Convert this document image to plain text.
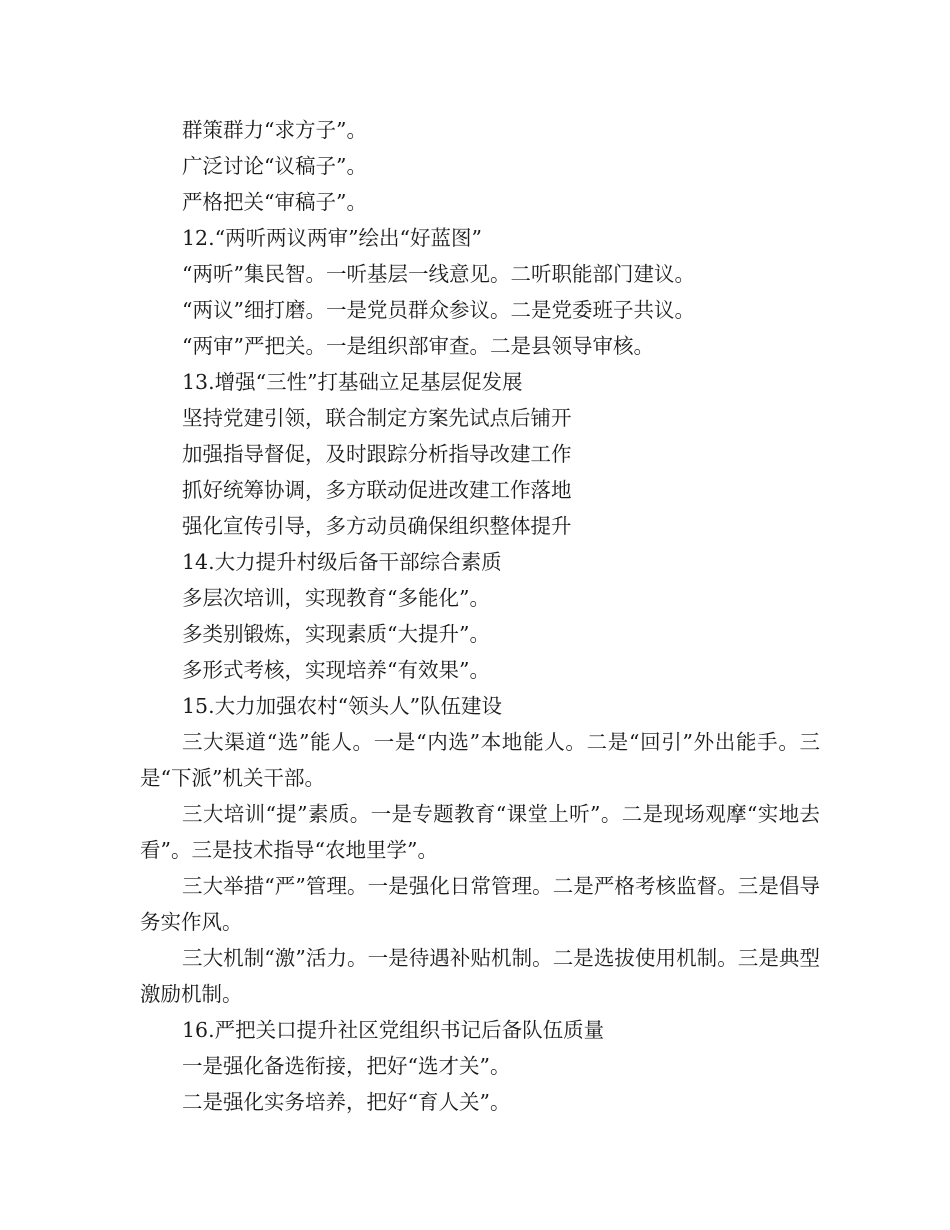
群策群力“求方子”。

广泛讨论“议稿子”。

严格把关“审稿子”。

12.“两听两议两审”绘出“好蓝图”

“两听”集民智。一听基层一线意见。二听职能部门建议。

“两议”细打磨。一是党员群众参议。二是党委班子共议。

“两审”严把关。一是组织部审查。二是县领导审核。

13.增强“三性”打基础立足基层促发展

坚持党建引领，联合制定方案先试点后铺开

加强指导督促，及时跟踪分析指导改建工作

抓好统筹协调，多方联动促进改建工作落地

强化宣传引导，多方动员确保组织整体提升

14.大力提升村级后备干部综合素质

多层次培训，实现教育“多能化”。

多类别锻炼，实现素质“大提升”。

多形式考核，实现培养“有效果”。

15.大力加强农村“领头人”队伍建设

三大渠道“选”能人。一是“内选”本地能人。二是“回引”外出能手。三是“下派”机关干部。

三大培训“提”素质。一是专题教育“课堂上听”。二是现场观摩“实地去看”。三是技术指导“农地里学”。

三大举措“严”管理。一是强化日常管理。二是严格考核监督。三是倡导务实作风。

三大机制“激”活力。一是待遇补贴机制。二是选拔使用机制。三是典型激励机制。

16.严把关口提升社区党组织书记后备队伍质量

一是强化备选衔接，把好“选才关”。

二是强化实务培养，把好“育人关”。
